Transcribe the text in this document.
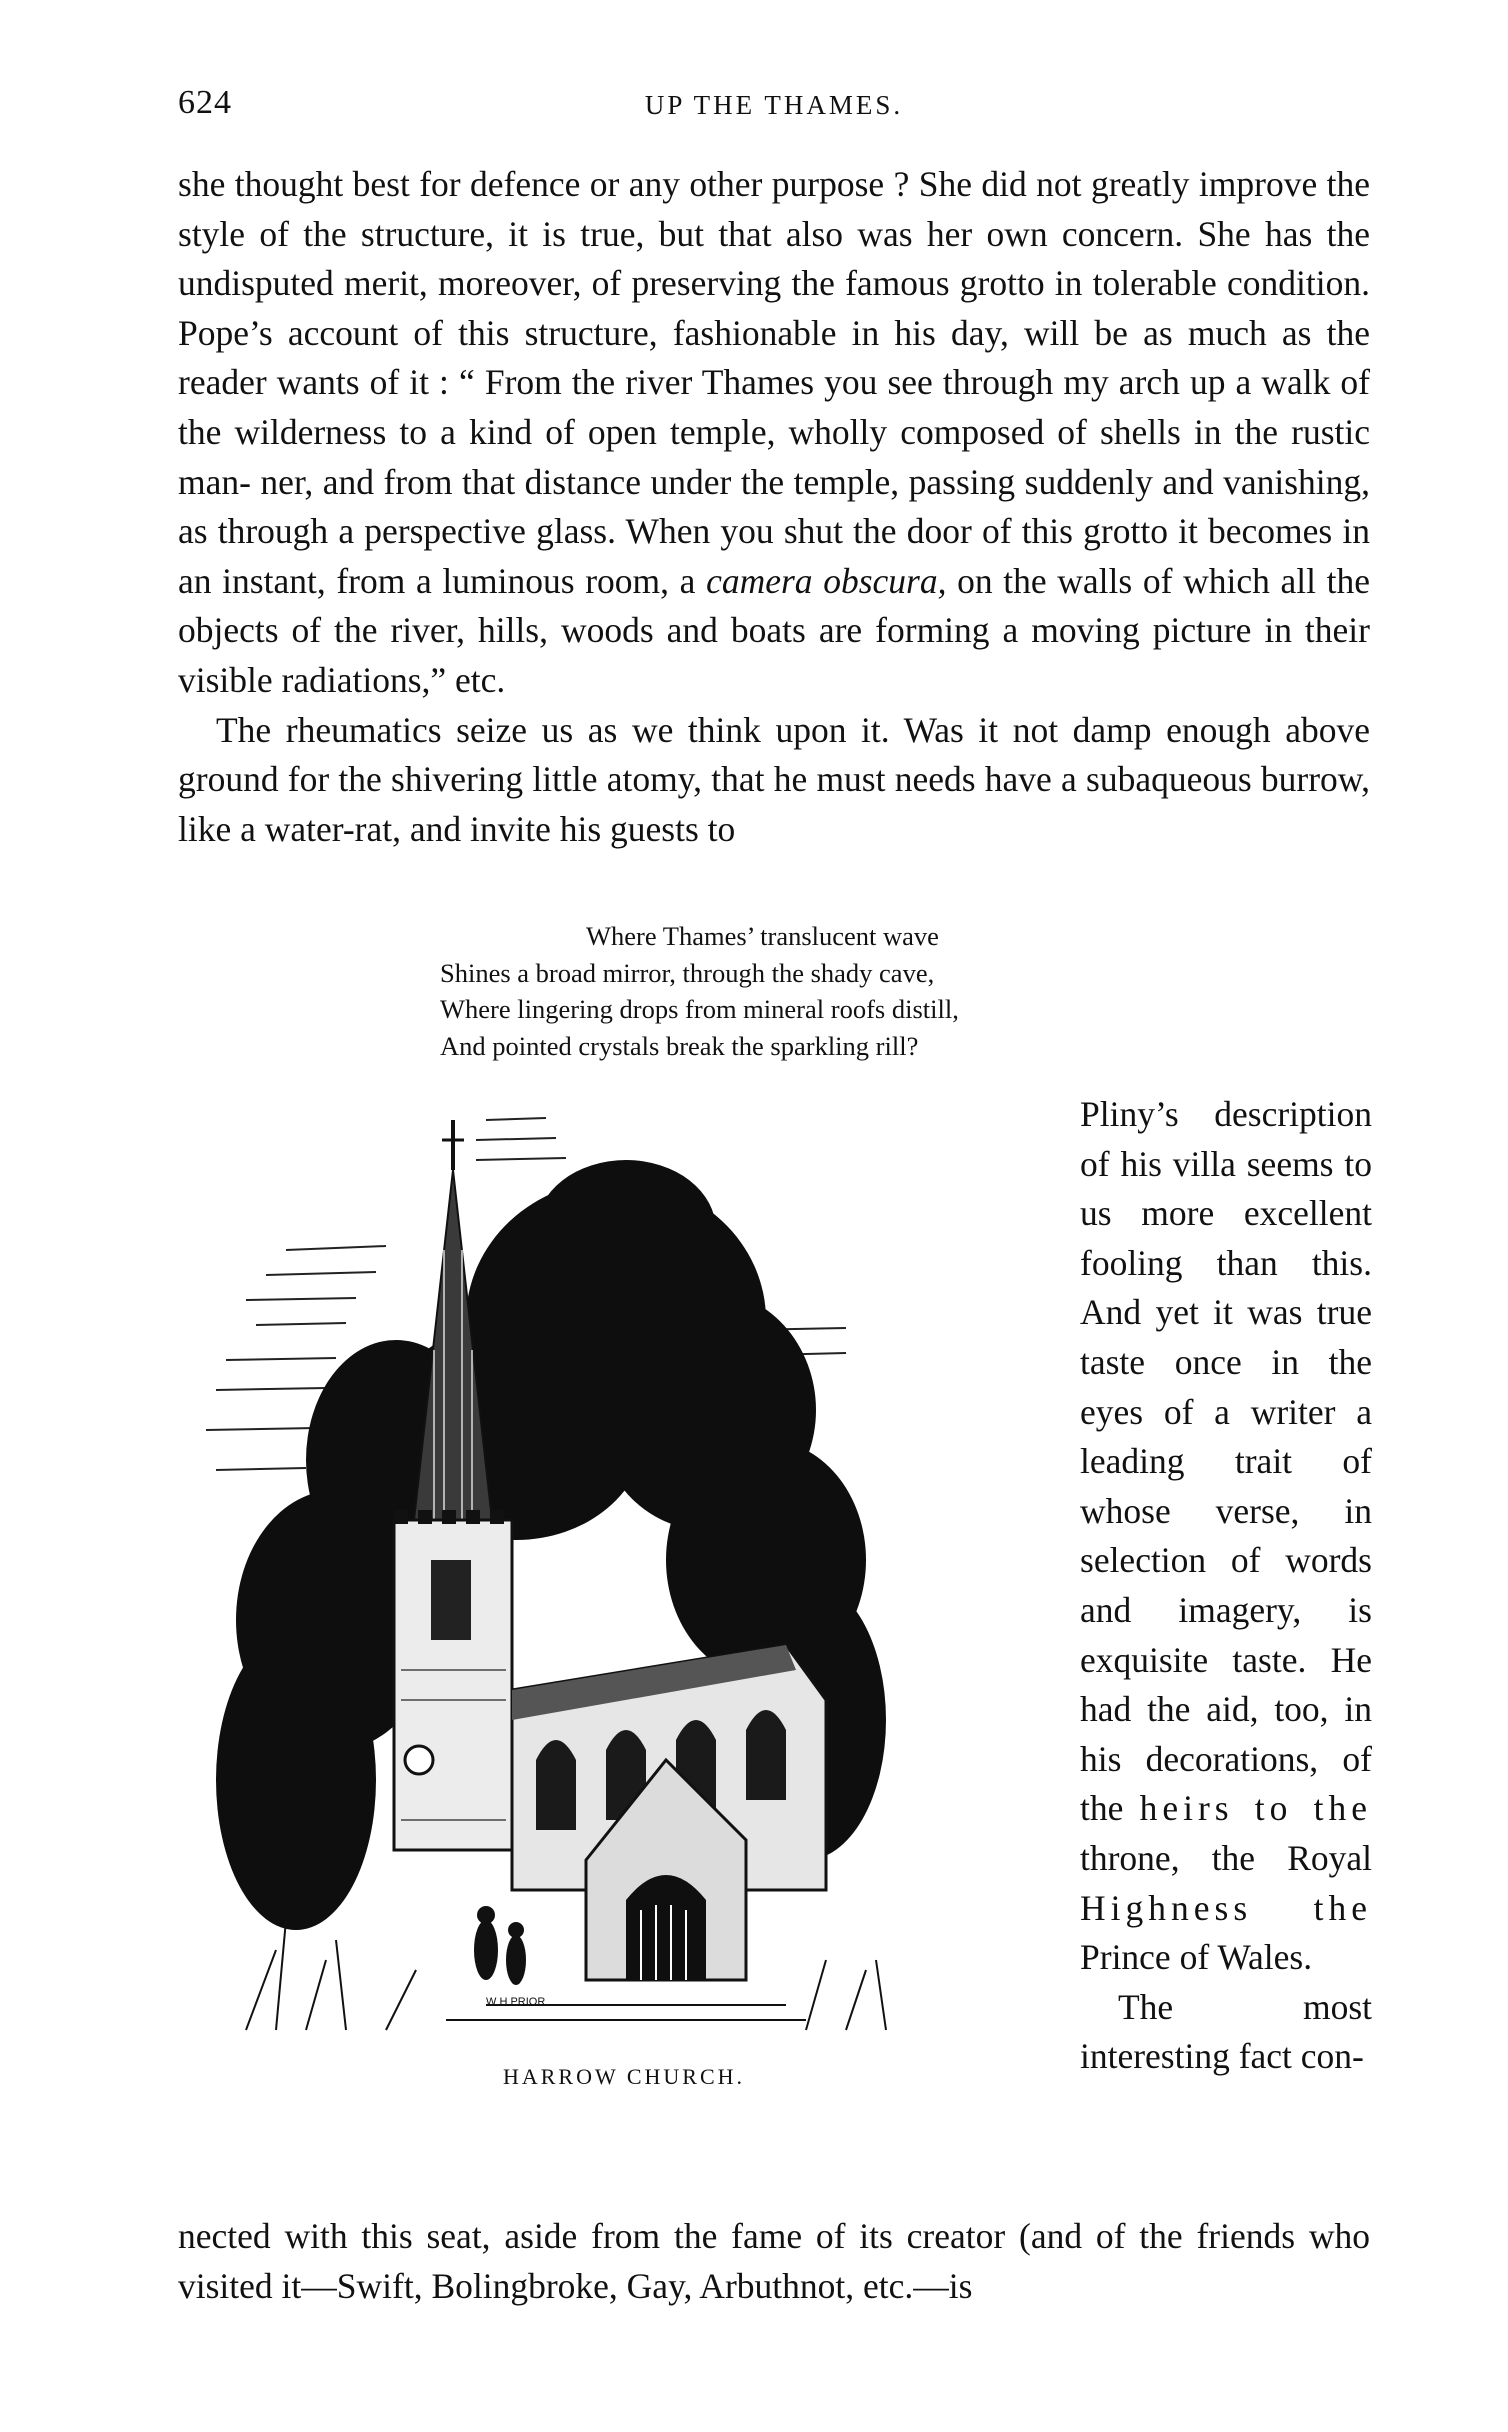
624	UP THE THAMES.

she thought best for defence or any other purpose ? She did not greatly improve the style of the structure, it is true, but that also was her own concern. She has the undisputed merit, moreover, of preserving the famous grotto in tolerable condition. Pope’s account of this structure, fashionable in his day, will be as much as the reader wants of it : “ From the river Thames you see through my arch up a walk of the wilderness to a kind of open temple, wholly composed of shells in the rustic man- ner, and from that distance under the temple, passing suddenly and vanishing, as through a perspective glass. When you shut the door of this grotto it becomes in an instant, from a luminous room, a camera obscura, on the walls of which all the objects of the river, hills, woods and boats are forming a moving picture in their visible radiations,” etc.

The rheumatics seize us as we think upon it. Was it not damp enough above ground for the shivering little atomy, that he must needs have a subaqueous burrow, like a water-rat, and invite his guests to

Where Thames’ translucent wave
Shines a broad mirror, through the shady cave,
Where lingering drops from mineral roofs distill,
And pointed crystals break the sparkling rill?
W H PRIOR
HARROW CHURCH.

Pliny’s description of his villa seems to us more excellent fooling than this. And yet it was true taste once in the eyes of a writer a leading trait of whose verse, in selection of words and imagery, is exquisite taste. He had the aid, too, in his decorations, of the heirs to the throne, the Royal Highness the Prince of Wales.

The most interesting fact con-

nected with this seat, aside from the fame of its creator (and of the friends who visited it—Swift, Bolingbroke, Gay, Arbuthnot, etc.—is
